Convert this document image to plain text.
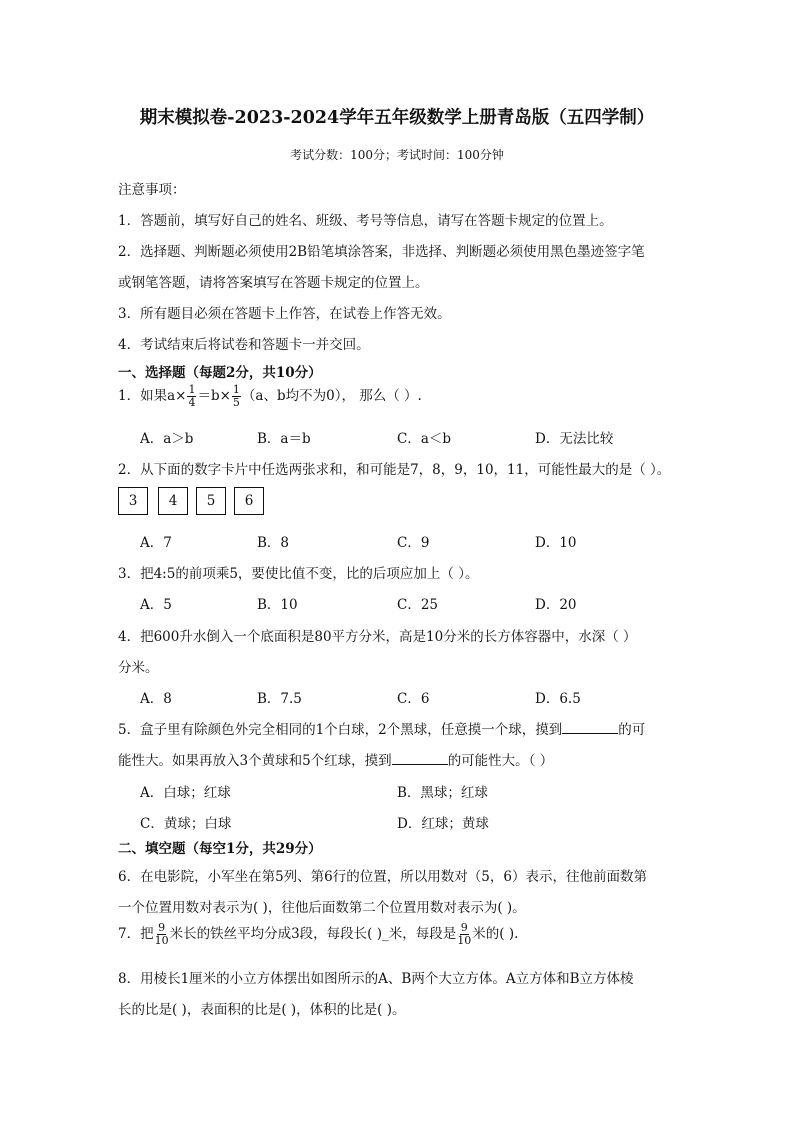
期末模拟卷-2023-2024学年五年级数学上册青岛版（五四学制）
考试分数：100分；考试时间：100分钟
注意事项：
1．答题前，填写好自己的姓名、班级、考号等信息，请写在答题卡规定的位置上。
2．选择题、判断题必须使用2B铅笔填涂答案，非选择、判断题必须使用黑色墨迹签字笔
或钢笔答题，请将答案填写在答题卡规定的位置上。
3．所有题目必须在答题卡上作答，在试卷上作答无效。
4．考试结束后将试卷和答题卡一并交回。
一、选择题（每题2分，共10分）
1．如果$a\times \frac{1}{4} =b\times \frac{1}{5} (a$、b均不为0）， 那么（ ）.
A．a＞b	B．a＝b	C．a＜b	D．无法比较
2．从下面的数字卡片中任选两张求和，和可能是7，8，9，10，11，可能性最大的是（ ）。
3	4	5	6
A．7	B．8	C．9	D．10
3．把4:5的前项乘5，要使比值不变，比的后项应加上（ ）。
A．5	B．10	C．25	D．20
4．把600升水倒入一个底面积是80平方分米，高是10分米的长方体容器中，水深（ ）
分米。
A．8	B．7.5	C．6	D．6.5
5．盒子里有除颜色外完全相同的1个白球，2个黑球，任意摸一个球，摸到	的可
能性大。如果再放入3个黄球和5个红球，摸到	的可能性大。（ ）
A．白球；红球	B．黑球；红球
C．黄球；白球	D．红球；黄球
二、填空题（每空1分，共29分）
6．在电影院，小军坐在第5列、第6行的位置，所以用数对（5，6）表示，往他前面数第
一个位置用数对表示为( )，往他后面数第二个位置用数对表示为( )。
7．把 $\frac{9}{10}$ 米长的铁丝平均分成3段，每段长( )_米，每段是 $\frac{9}{10}$ 米的( ).
8．用棱长1厘米的小立方体摆出如图所示的A、B两个大立方体。A立方体和B立方体棱
长的比是( )，表面积的比是( )，体积的比是( )。
